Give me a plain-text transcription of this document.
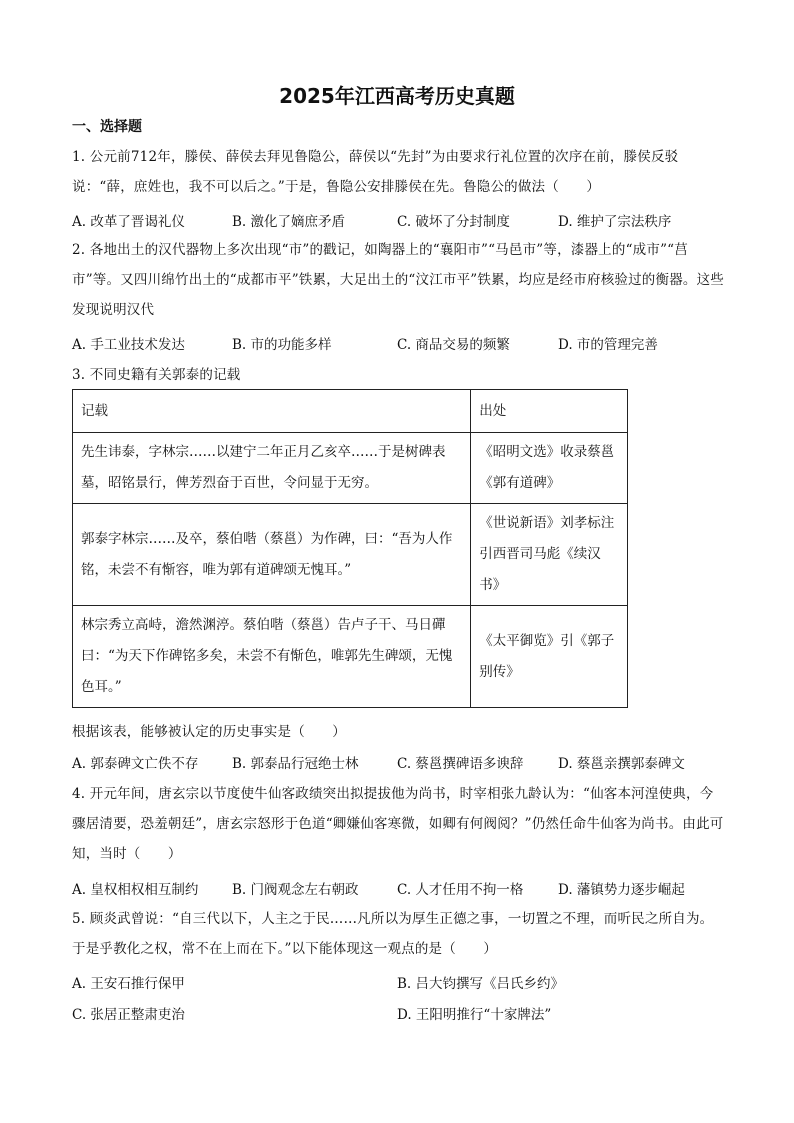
2025年江西高考历史真题
一、选择题
1. 公元前712年，滕侯、薛侯去拜见鲁隐公，薛侯以“先封”为由要求行礼位置的次序在前，滕侯反驳说：“薛，庶姓也，我不可以后之。”于是，鲁隐公安排滕侯在先。鲁隐公的做法（　　）
A. 改革了晋谒礼仪	B. 激化了嫡庶矛盾	C. 破坏了分封制度	D. 维护了宗法秩序
2. 各地出土的汉代器物上多次出现“市”的戳记，如陶器上的“襄阳市”“马邑市”等，漆器上的“成市”“莒市”等。又四川绵竹出土的“成都市平”铁累，大足出土的“汶江市平”铁累，均应是经市府核验过的衡器。这些发现说明汉代
A. 手工业技术发达	B. 市的功能多样	C. 商品交易的频繁	D. 市的管理完善
3. 不同史籍有关郭泰的记载
记载	出处
先生讳泰，字林宗……以建宁二年正月乙亥卒……于是树碑表墓，昭铭景行，俾芳烈奋于百世，令问显于无穷。	《昭明文选》收录蔡邕《郭有道碑》
郭泰字林宗……及卒，蔡伯喈（蔡邕）为作碑，曰：“吾为人作铭，未尝不有惭容，唯为郭有道碑颂无愧耳。”	《世说新语》刘孝标注引西晋司马彪《续汉书》
林宗秀立高峙，澹然渊渟。蔡伯喈（蔡邕）告卢子干、马日磾曰：“为天下作碑铭多矣，未尝不有惭色，唯郭先生碑颂，无愧色耳。”	《太平御览》引《郭子别传》
根据该表，能够被认定的历史事实是（　　）
A. 郭泰碑文亡佚不存 B. 郭泰品行冠绝士林	C. 蔡邕撰碑语多谀辞	D. 蔡邕亲撰郭泰碑文
4. 开元年间，唐玄宗以节度使牛仙客政绩突出拟提拔他为尚书，时宰相张九龄认为：“仙客本河湟使典，今骤居清要，恐羞朝廷”，唐玄宗怒形于色道“卿嫌仙客寒微，如卿有何阀阅？”仍然任命牛仙客为尚书。由此可知，当时（　　）
A. 皇权相权相互制约 B. 门阀观念左右朝政	C. 人才任用不拘一格	D. 藩镇势力逐步崛起
5. 顾炎武曾说：“自三代以下，人主之于民……凡所以为厚生正德之事，一切置之不理，而听民之所自为。于是乎教化之权，常不在上而在下。”以下能体现这一观点的是（　　）
A. 王安石推行保甲	B. 吕大钧撰写《吕氏乡约》
C. 张居正整肃吏治	D. 王阳明推行“十家牌法”
